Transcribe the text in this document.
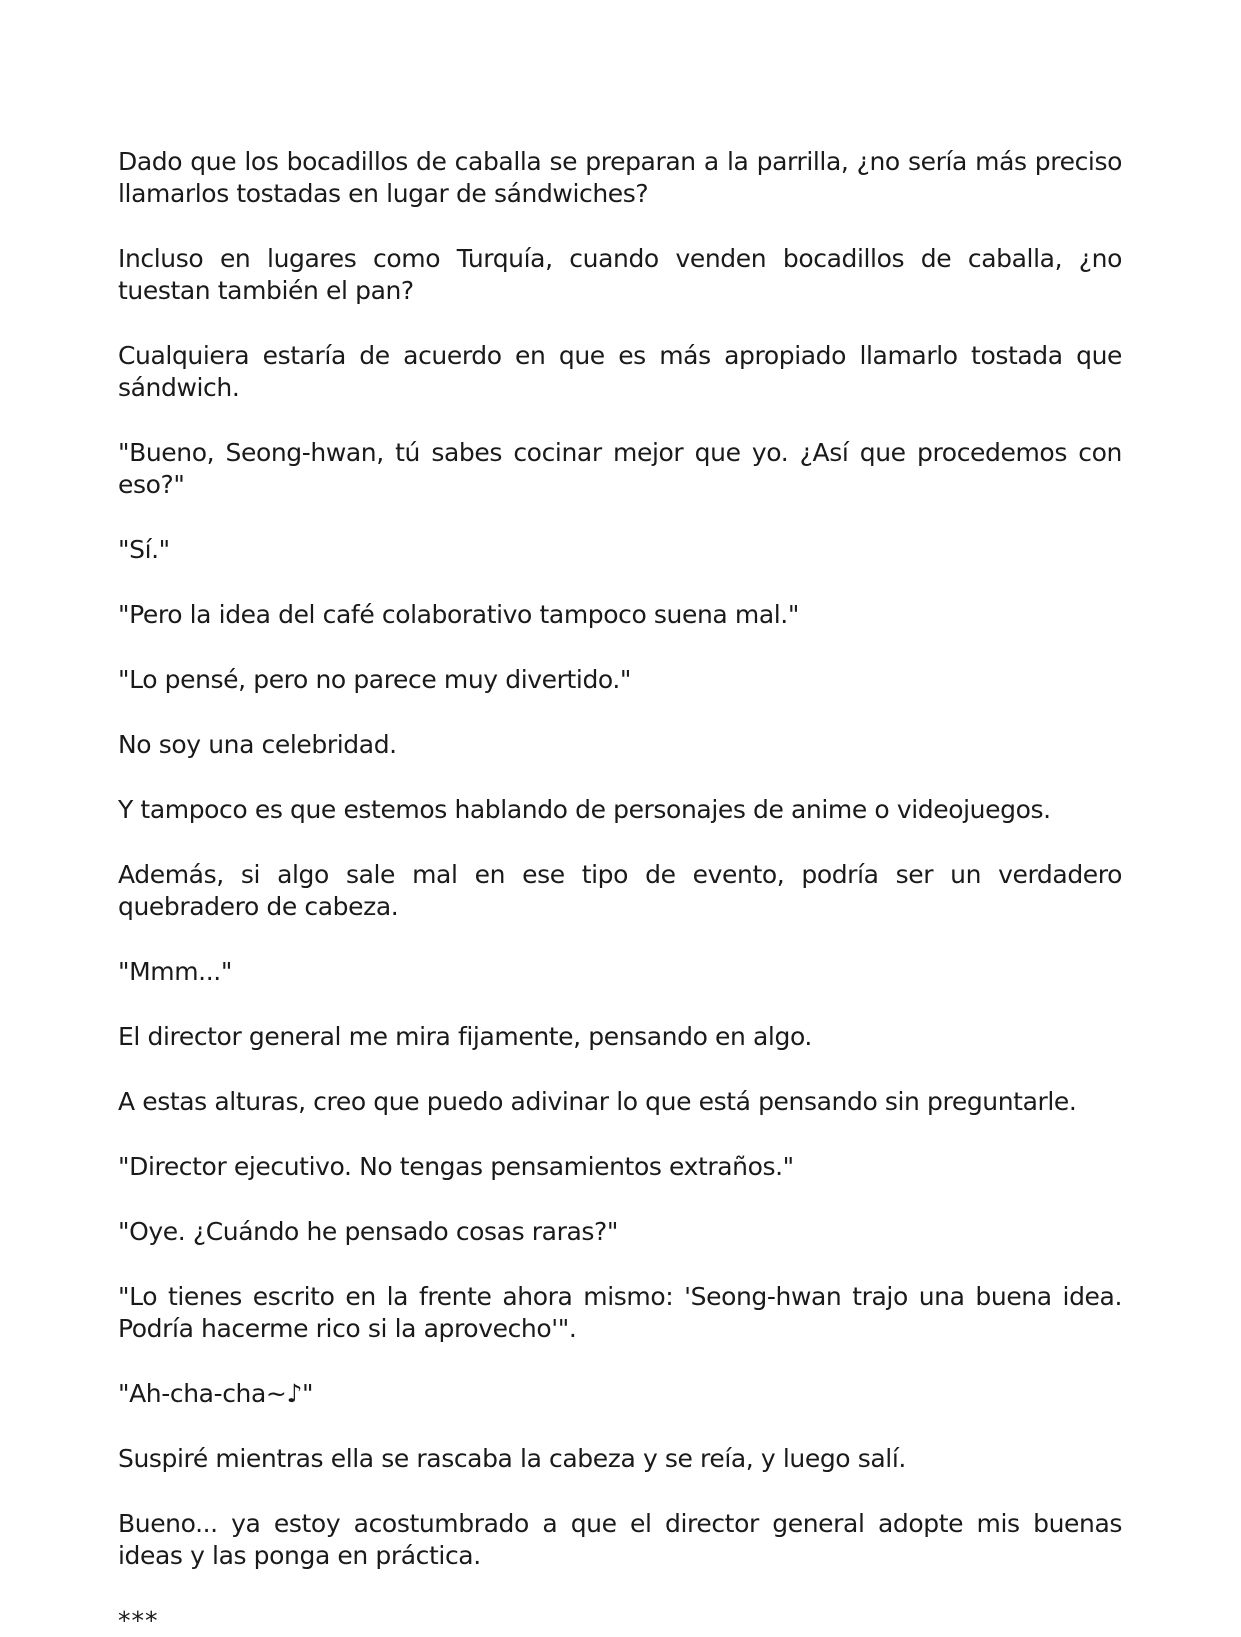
Dado que los bocadillos de caballa se preparan a la parrilla, ¿no sería más preciso llamarlos tostadas en lugar de sándwiches?

Incluso en lugares como Turquía, cuando venden bocadillos de caballa, ¿no tuestan también el pan?

Cualquiera estaría de acuerdo en que es más apropiado llamarlo tostada que sándwich.

"Bueno, Seong-hwan, tú sabes cocinar mejor que yo. ¿Así que procedemos con eso?"

"Sí."

"Pero la idea del café colaborativo tampoco suena mal."

"Lo pensé, pero no parece muy divertido."

No soy una celebridad.

Y tampoco es que estemos hablando de personajes de anime o videojuegos.

Además, si algo sale mal en ese tipo de evento, podría ser un verdadero quebradero de cabeza.

"Mmm..."

El director general me mira fijamente, pensando en algo.

A estas alturas, creo que puedo adivinar lo que está pensando sin preguntarle.

"Director ejecutivo. No tengas pensamientos extraños."

"Oye. ¿Cuándo he pensado cosas raras?"

"Lo tienes escrito en la frente ahora mismo: 'Seong-hwan trajo una buena idea. Podría hacerme rico si la aprovecho'".

"Ah-cha-cha~♪"

Suspiré mientras ella se rascaba la cabeza y se reía, y luego salí.

Bueno... ya estoy acostumbrado a que el director general adopte mis buenas ideas y las ponga en práctica.

***
